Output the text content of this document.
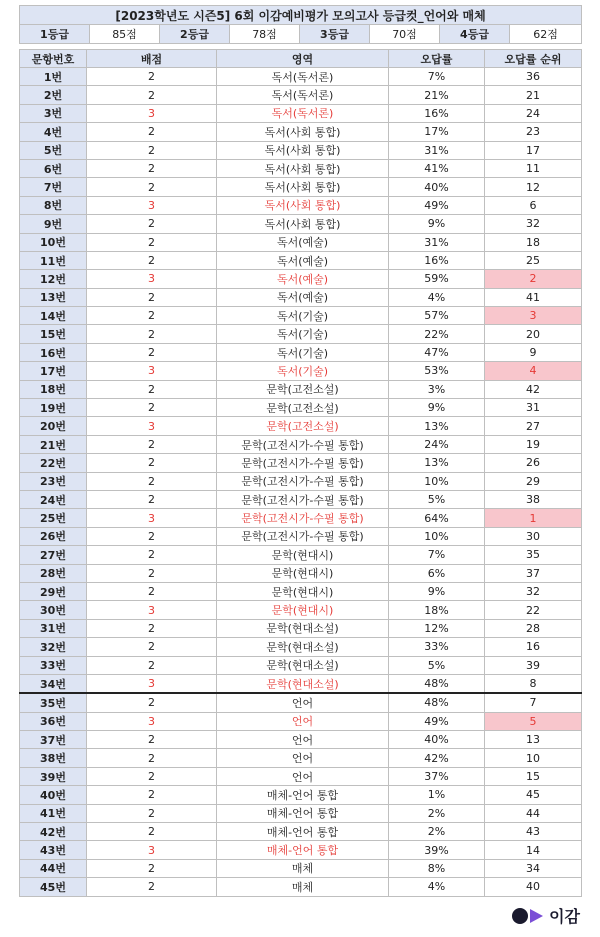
[2023학년도 시즌5] 6회 이감예비평가 모의고사 등급컷_언어와 매체
1등급	85점	2등급	78점	3등급	70점	4등급	62점
문항번호	배점	영역	오답률	오답률 순위
1번	2	독서(독서론)	7%	36
2번	2	독서(독서론)	21%	21
3번	3	독서(독서론)	16%	24
4번	2	독서(사회 통합)	17%	23
5번	2	독서(사회 통합)	31%	17
6번	2	독서(사회 통합)	41%	11
7번	2	독서(사회 통합)	40%	12
8번	3	독서(사회 통합)	49%	6
9번	2	독서(사회 통합)	9%	32
10번	2	독서(예술)	31%	18
11번	2	독서(예술)	16%	25
12번	3	독서(예술)	59%	2
13번	2	독서(예술)	4%	41
14번	2	독서(기술)	57%	3
15번	2	독서(기술)	22%	20
16번	2	독서(기술)	47%	9
17번	3	독서(기술)	53%	4
18번	2	문학(고전소설)	3%	42
19번	2	문학(고전소설)	9%	31
20번	3	문학(고전소설)	13%	27
21번	2	문학(고전시가-수필 통합)	24%	19
22번	2	문학(고전시가-수필 통합)	13%	26
23번	2	문학(고전시가-수필 통합)	10%	29
24번	2	문학(고전시가-수필 통합)	5%	38
25번	3	문학(고전시가-수필 통합)	64%	1
26번	2	문학(고전시가-수필 통합)	10%	30
27번	2	문학(현대시)	7%	35
28번	2	문학(현대시)	6%	37
29번	2	문학(현대시)	9%	32
30번	3	문학(현대시)	18%	22
31번	2	문학(현대소설)	12%	28
32번	2	문학(현대소설)	33%	16
33번	2	문학(현대소설)	5%	39
34번	3	문학(현대소설)	48%	8
35번	2	언어	48%	7
36번	3	언어	49%	5
37번	2	언어	40%	13
38번	2	언어	42%	10
39번	2	언어	37%	15
40번	2	매체-언어 통합	1%	45
41번	2	매체-언어 통합	2%	44
42번	2	매체-언어 통합	2%	43
43번	3	매체-언어 통합	39%	14
44번	2	매체	8%	34
45번	2	매체	4%	40
이감
